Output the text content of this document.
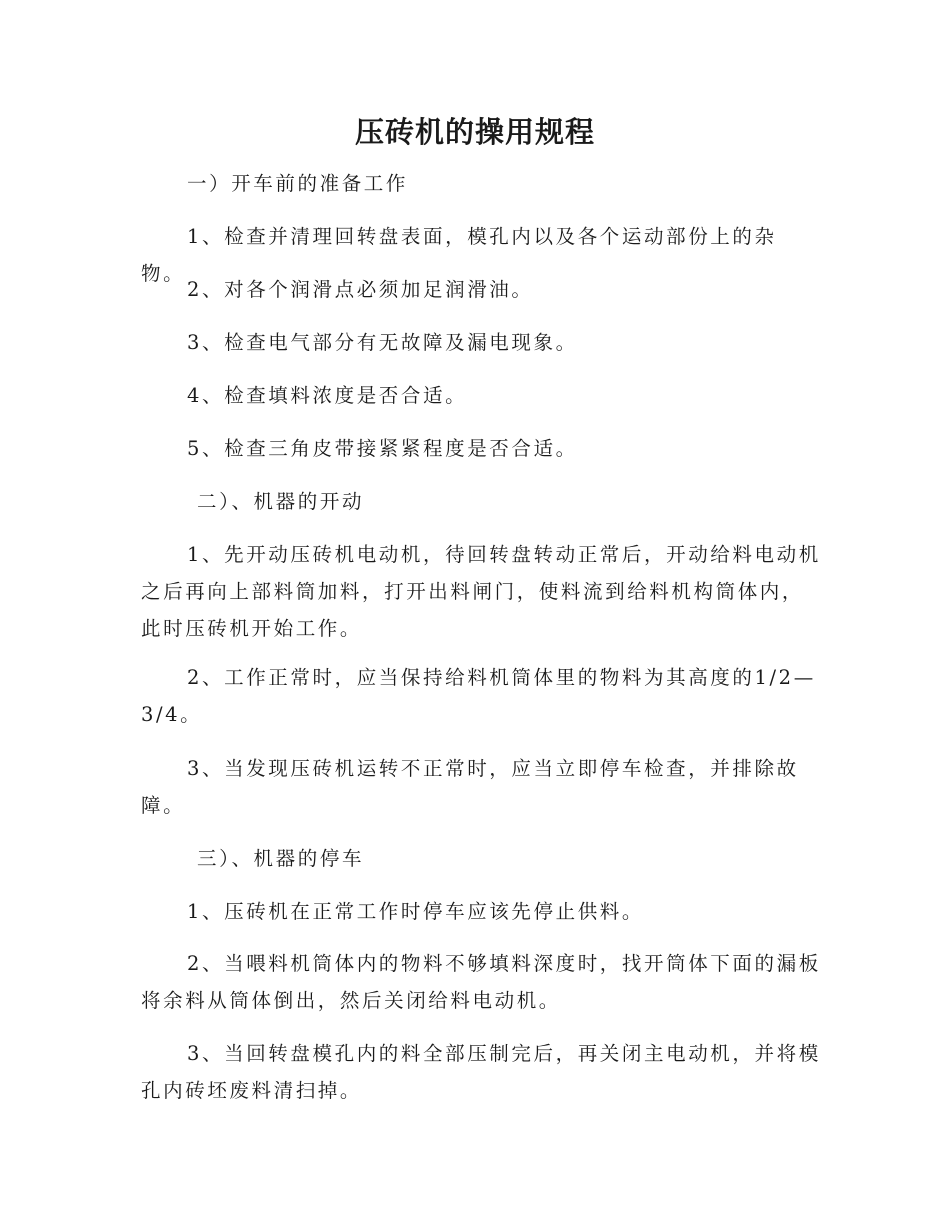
压砖机的操用规程

一）开车前的准备工作

1、检查并清理回转盘表面，模孔内以及各个运动部份上的杂物。

2、对各个润滑点必须加足润滑油。

3、检查电气部分有无故障及漏电现象。

4、检查填料浓度是否合适。

5、检查三角皮带接紧紧程度是否合适。

二）、机器的开动

1、先开动压砖机电动机，待回转盘转动正常后，开动给料电动机
之后再向上部料筒加料，打开出料闸门，使料流到给料机构筒体内，
此时压砖机开始工作。
2、工作正常时，应当保持给料机筒体里的物料为其高度的1/2—
3/4。
3、当发现压砖机运转不正常时，应当立即停车检查，并排除故
障。

三）、机器的停车

1、压砖机在正常工作时停车应该先停止供料。

2、当喂料机筒体内的物料不够填料深度时，找开筒体下面的漏板
将余料从筒体倒出，然后关闭给料电动机。
3、当回转盘模孔内的料全部压制完后，再关闭主电动机，并将模
孔内砖坯废料清扫掉。
